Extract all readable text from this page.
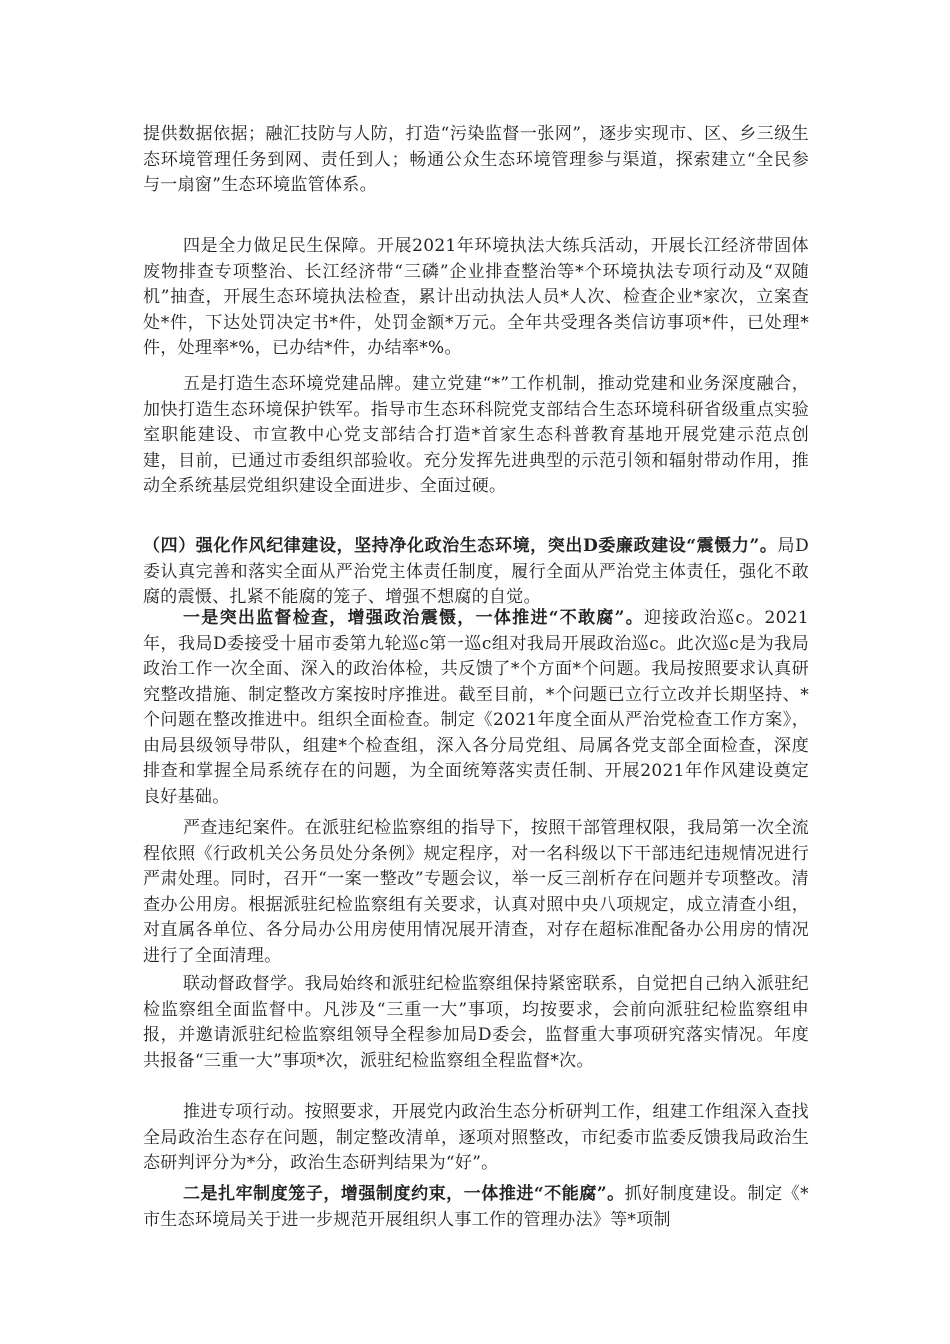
提供数据依据；融汇技防与人防，打造“污染监督一张网”，逐步实现市、区、乡三级生态环境管理任务到网、责任到人；畅通公众生态环境管理参与渠道，探索建立“全民参与一扇窗”生态环境监管体系。

四是全力做足民生保障。开展2021年环境执法大练兵活动，开展长江经济带固体废物排查专项整治、长江经济带“三磷”企业排查整治等*个环境执法专项行动及“双随机”抽查，开展生态环境执法检查，累计出动执法人员*人次、检查企业*家次，立案查处*件，下达处罚决定书*件，处罚金额*万元。全年共受理各类信访事项*件，已处理*件，处理率*%，已办结*件，办结率*%。

五是打造生态环境党建品牌。建立党建“*”工作机制，推动党建和业务深度融合，加快打造生态环境保护铁军。指导市生态环科院党支部结合生态环境科研省级重点实验室职能建设、市宣教中心党支部结合打造*首家生态科普教育基地开展党建示范点创建，目前，已通过市委组织部验收。充分发挥先进典型的示范引领和辐射带动作用，推动全系统基层党组织建设全面进步、全面过硬。

（四）强化作风纪律建设，坚持净化政治生态环境，突出D委廉政建设“震慑力”。局D委认真完善和落实全面从严治党主体责任制度，履行全面从严治党主体责任，强化不敢腐的震慑、扎紧不能腐的笼子、增强不想腐的自觉。

一是突出监督检查，增强政治震慑，一体推进“不敢腐”。迎接政治巡c。2021年，我局D委接受十届市委第九轮巡c第一巡c组对我局开展政治巡c。此次巡c是为我局政治工作一次全面、深入的政治体检，共反馈了*个方面*个问题。我局按照要求认真研究整改措施、制定整改方案按时序推进。截至目前，*个问题已立行立改并长期坚持、*个问题在整改推进中。组织全面检查。制定《2021年度全面从严治党检查工作方案》，由局县级领导带队，组建*个检查组，深入各分局党组、局属各党支部全面检查，深度排查和掌握全局系统存在的问题，为全面统筹落实责任制、开展2021年作风建设奠定良好基础。

严查违纪案件。在派驻纪检监察组的指导下，按照干部管理权限，我局第一次全流程依照《行政机关公务员处分条例》规定程序，对一名科级以下干部违纪违规情况进行严肃处理。同时，召开“一案一整改”专题会议，举一反三剖析存在问题并专项整改。清查办公用房。根据派驻纪检监察组有关要求，认真对照中央八项规定，成立清查小组，对直属各单位、各分局办公用房使用情况展开清查，对存在超标准配备办公用房的情况进行了全面清理。

联动督政督学。我局始终和派驻纪检监察组保持紧密联系，自觉把自己纳入派驻纪检监察组全面监督中。凡涉及“三重一大”事项，均按要求，会前向派驻纪检监察组申报，并邀请派驻纪检监察组领导全程参加局D委会，监督重大事项研究落实情况。年度共报备“三重一大”事项*次，派驻纪检监察组全程监督*次。

推进专项行动。按照要求，开展党内政治生态分析研判工作，组建工作组深入查找全局政治生态存在问题，制定整改清单，逐项对照整改，市纪委市监委反馈我局政治生态研判评分为*分，政治生态研判结果为“好”。

二是扎牢制度笼子，增强制度约束，一体推进“不能腐”。抓好制度建设。制定《*市生态环境局关于进一步规范开展组织人事工作的管理办法》等*项制
